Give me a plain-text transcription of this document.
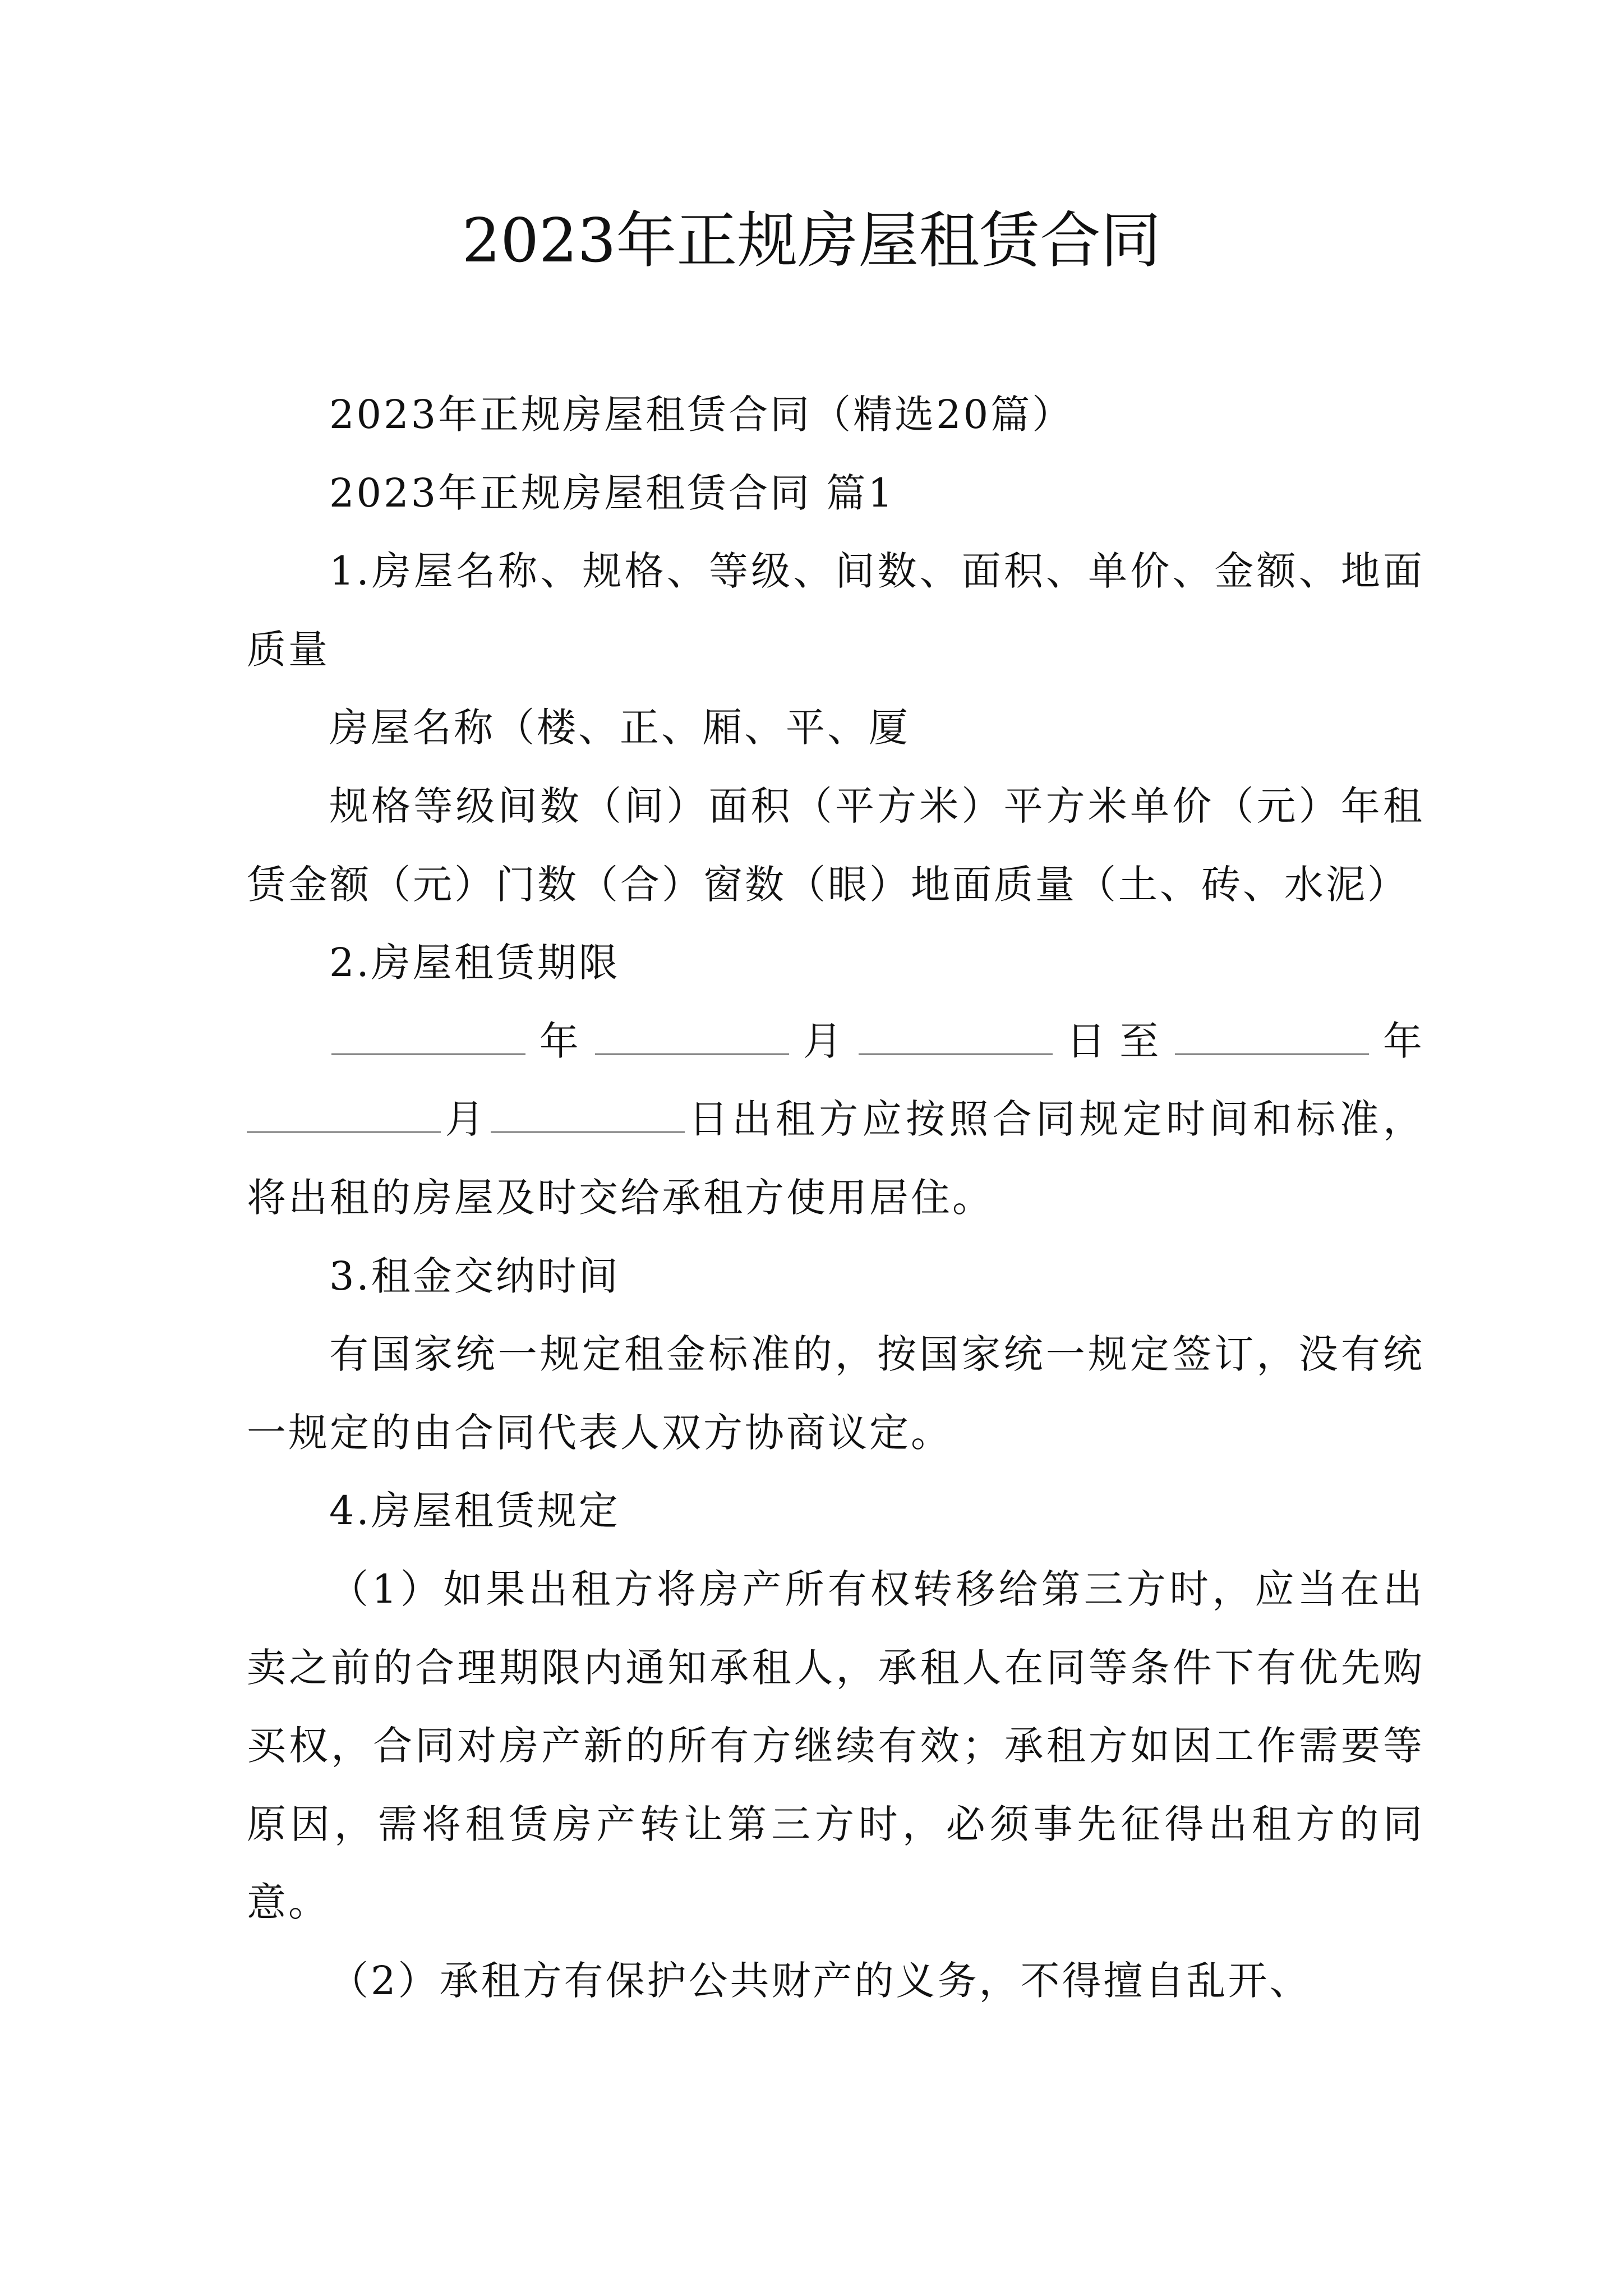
2023年正规房屋租赁合同

2023年正规房屋租赁合同（精选20篇）

2023年正规房屋租赁合同 篇1

1.房屋名称、规格、等级、间数、面积、单价、金额、地面质量

房屋名称（楼、正、厢、平、厦

规格等级间数（间）面积（平方米）平方米单价（元）年租赁金额（元）门数（合）窗数（眼）地面质量（土、砖、水泥）

2.房屋租赁期限

年	月	日至	年月	日出租方应按照合同规定时间和标准，将出租的房屋及时交给承租方使用居住。

3.租金交纳时间

有国家统一规定租金标准的，按国家统一规定签订，没有统一规定的由合同代表人双方协商议定。

4.房屋租赁规定

（1）如果出租方将房产所有权转移给第三方时，应当在出卖之前的合理期限内通知承租人，承租人在同等条件下有优先购买权，合同对房产新的所有方继续有效；承租方如因工作需要等原因，需将租赁房产转让第三方时，必须事先征得出租方的同意。

（2）承租方有保护公共财产的义务，不得擅自乱开、
